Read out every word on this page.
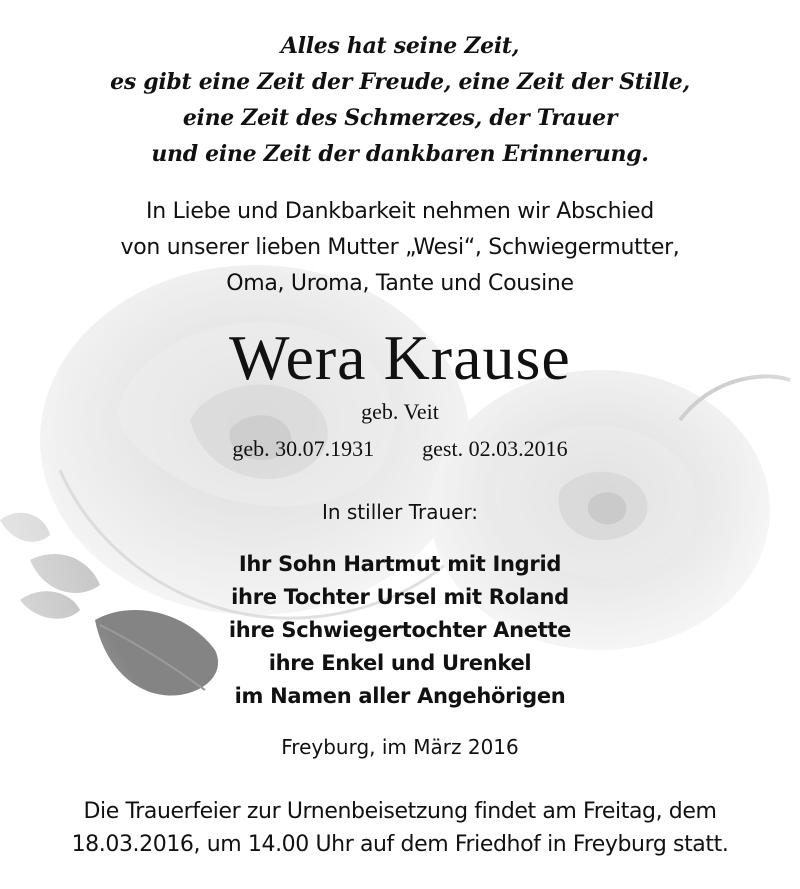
Alles hat seine Zeit,
es gibt eine Zeit der Freude, eine Zeit der Stille,
eine Zeit des Schmerzes, der Trauer
und eine Zeit der dankbaren Erinnerung.
In Liebe und Dankbarkeit nehmen wir Abschied
von unserer lieben Mutter „Wesi“, Schwiegermutter,
Oma, Uroma, Tante und Cousine
Wera Krause
geb. Veit
geb. 30.07.1931 gest. 02.03.2016
In stiller Trauer:
Ihr Sohn Hartmut mit Ingrid
ihre Tochter Ursel mit Roland
ihre Schwiegertochter Anette
ihre Enkel und Urenkel
im Namen aller Angehörigen
Freyburg, im März 2016
Die Trauerfeier zur Urnenbeisetzung findet am Freitag, dem
18.03.2016, um 14.00 Uhr auf dem Friedhof in Freyburg statt.
